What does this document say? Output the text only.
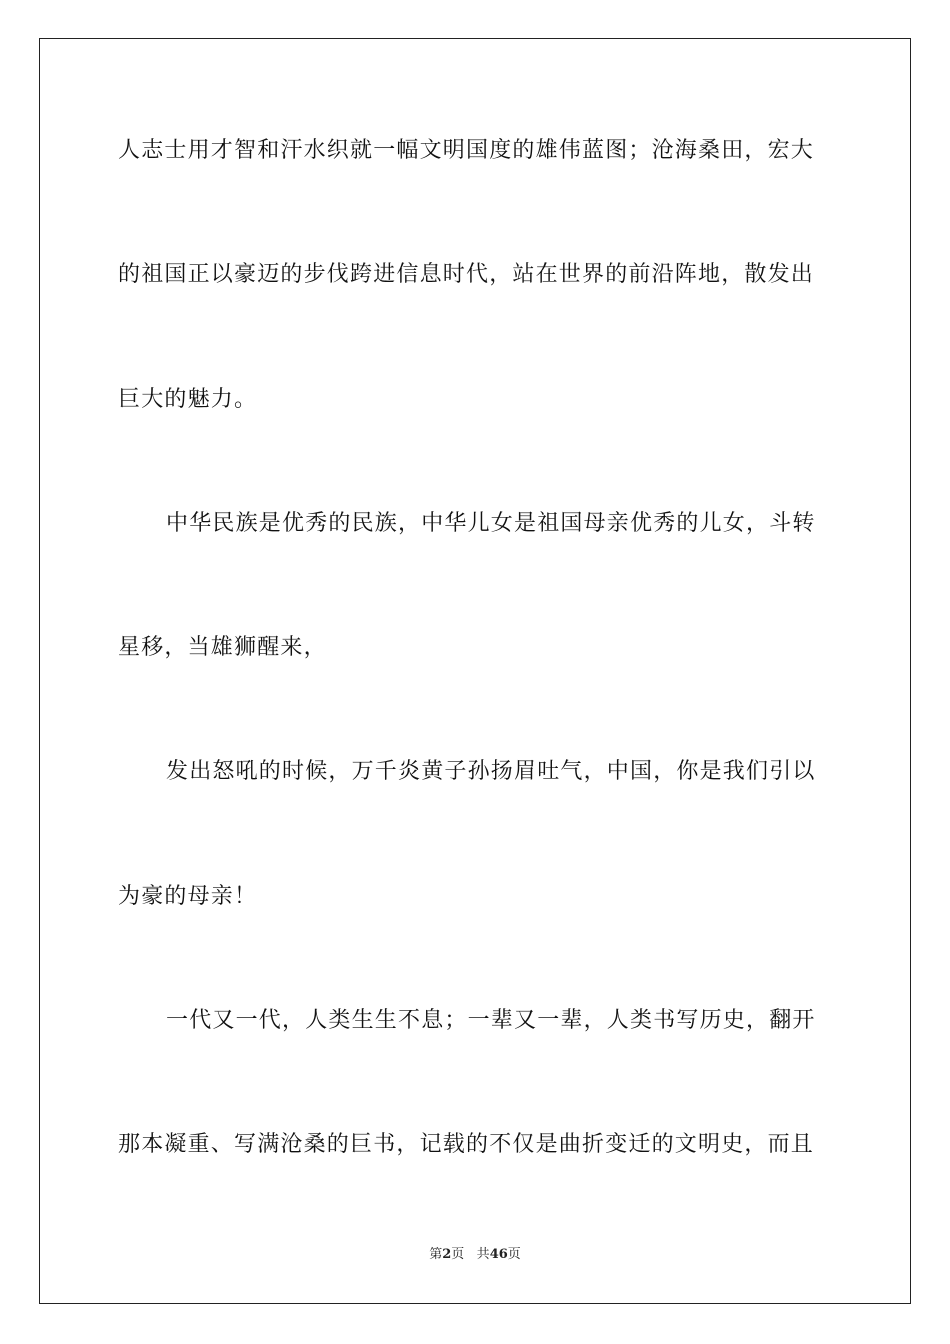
人志士用才智和汗水织就一幅文明国度的雄伟蓝图；沧海桑田，宏大
的祖国正以豪迈的步伐跨进信息时代，站在世界的前沿阵地，散发出
巨大的魅力。
中华民族是优秀的民族，中华儿女是祖国母亲优秀的儿女，斗转
星移，当雄狮醒来，
发出怒吼的时候，万千炎黄子孙扬眉吐气，中国，你是我们引以
为豪的母亲！
一代又一代，人类生生不息；一辈又一辈，人类书写历史，翻开
那本凝重、写满沧桑的巨书，记载的不仅是曲折变迁的文明史，而且
第2页 共46页
